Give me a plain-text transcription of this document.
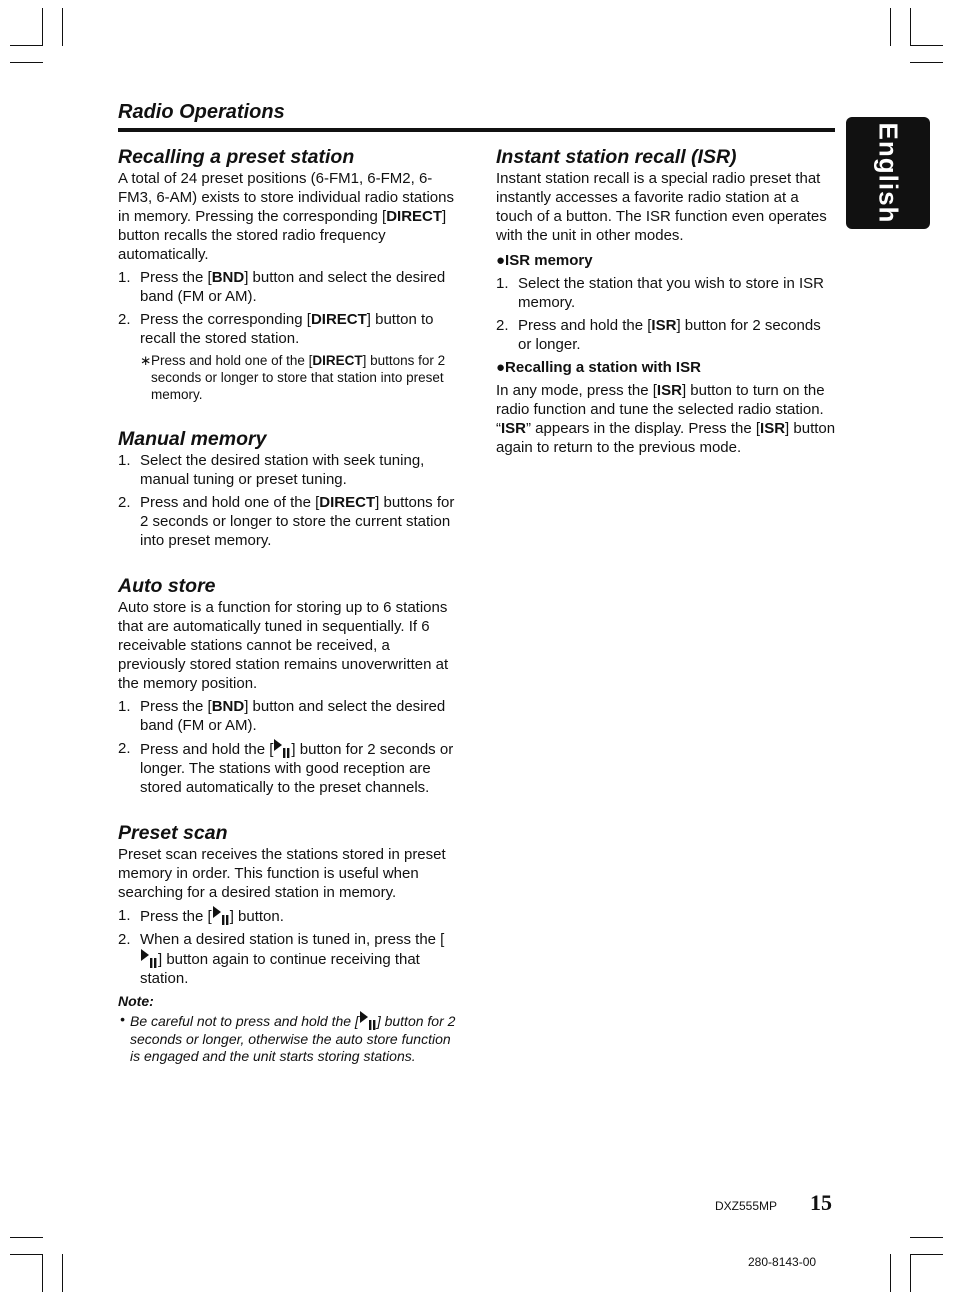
Radio Operations
English
Recalling a preset station

A total of 24 preset positions (6-FM1, 6-FM2, 6-FM3, 6-AM) exists to store individual radio stations in memory. Pressing the corresponding [DIRECT] button recalls the stored radio frequency automatically.

1. Press the [BND] button and select the desired band (FM or AM).
2. Press the corresponding [DIRECT] button to recall the stored station.
∗ Press and hold one of the [DIRECT] buttons for 2 seconds or longer to store that station into preset memory.
Manual memory
1. Select the desired station with seek tuning, manual tuning or preset tuning.
2. Press and hold one of the [DIRECT] buttons for 2 seconds or longer to store the current station into preset memory.
Auto store

Auto store is a function for storing up to 6 stations that are automatically tuned in sequentially. If 6 receivable stations cannot be received, a previously stored station remains unoverwritten at the memory position.

1. Press the [BND] button and select the desired band (FM or AM).
2. Press and hold the [ ] button for 2 seconds or longer. The stations with good reception are stored automatically to the preset channels.
Preset scan

Preset scan receives the stations stored in preset memory in order. This function is useful when searching for a desired station in memory.

1. Press the [ ] button.
2. When a desired station is tuned in, press the [] button again to continue receiving that station.
Note:
• Be careful not to press and hold the [ ] button for 2 seconds or longer, otherwise the auto store function is engaged and the unit starts storing stations.
Instant station recall (ISR)

Instant station recall is a special radio preset that instantly accesses a favorite radio station at a touch of a button. The ISR function even operates with the unit in other modes.

●ISR memory
1. Select the station that you wish to store in ISR memory.
2. Press and hold the [ISR] button for 2 seconds or longer.
●Recalling a station with ISR

In any mode, press the [ISR] button to turn on the radio function and tune the selected radio station. “ISR” appears in the display. Press the [ISR] button again to return to the previous mode.

DXZ555MP 15
280-8143-00
